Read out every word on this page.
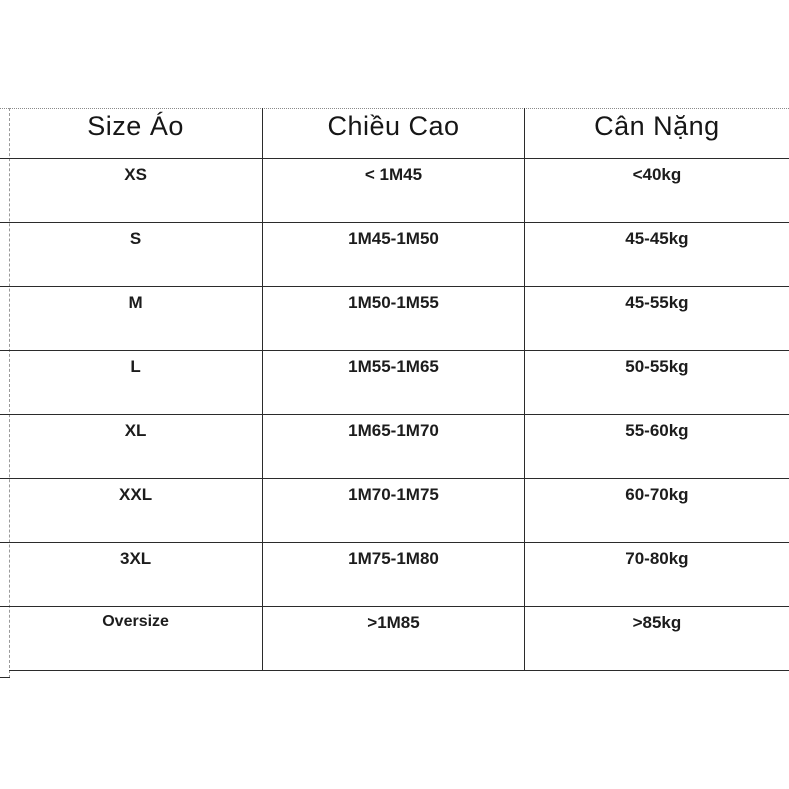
Size Áo	Chiều Cao	Cân Nặng
XS	< 1M45	<40kg
S	1M45-1M50	45-45kg
M	1M50-1M55	45-55kg
L	1M55-1M65	50-55kg
XL	1M65-1M70	55-60kg
XXL	1M70-1M75	60-70kg
3XL	1M75-1M80	70-80kg
Oversize	>1M85	>85kg
